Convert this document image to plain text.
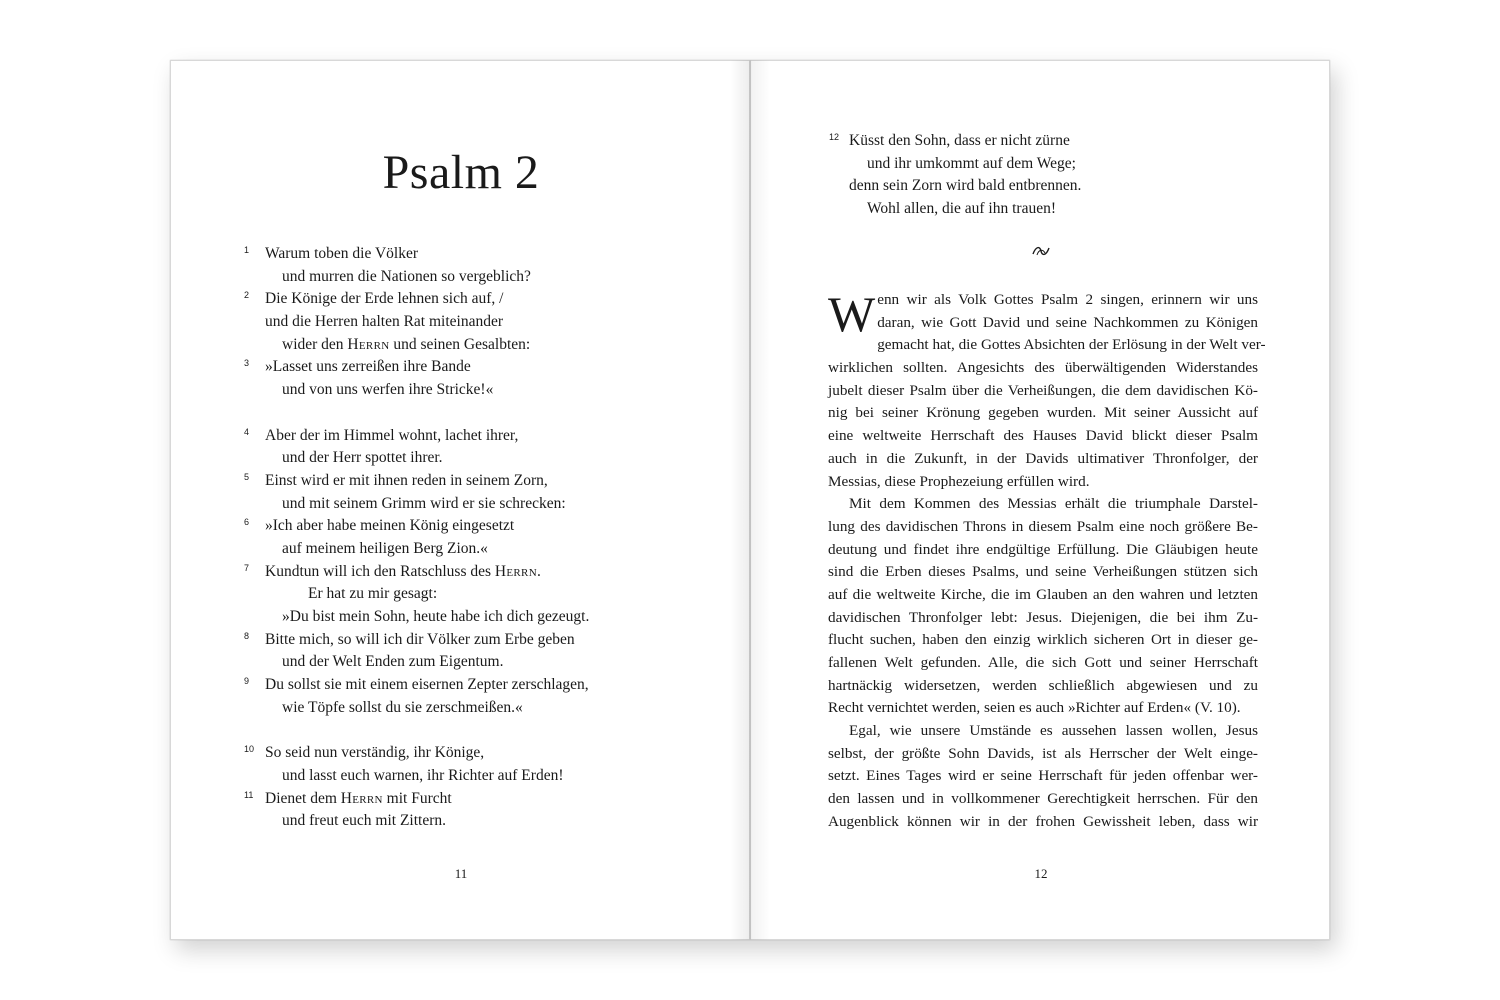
Psalm 2
1 Warum toben die Völker
und murren die Nationen so vergeblich?
2 Die Könige der Erde lehnen sich auf, /
und die Herren halten Rat miteinander
wider den Herrn und seinen Gesalbten:
3 »Lasset uns zerreißen ihre Bande
und von uns werfen ihre Stricke!«
4 Aber der im Himmel wohnt, lachet ihrer,
und der Herr spottet ihrer.
5 Einst wird er mit ihnen reden in seinem Zorn,
und mit seinem Grimm wird er sie schrecken:
6 »Ich aber habe meinen König eingesetzt
auf meinem heiligen Berg Zion.«
7 Kundtun will ich den Ratschluss des Herrn.
Er hat zu mir gesagt:
»Du bist mein Sohn, heute habe ich dich gezeugt.
8 Bitte mich, so will ich dir Völker zum Erbe geben
und der Welt Enden zum Eigentum.
9 Du sollst sie mit einem eisernen Zepter zerschlagen,
wie Töpfe sollst du sie zerschmeißen.«
10 So seid nun verständig, ihr Könige,
und lasst euch warnen, ihr Richter auf Erden!
11 Dienet dem Herrn mit Furcht
und freut euch mit Zittern.
11
12 Küsst den Sohn, dass er nicht zürne
und ihr umkommt auf dem Wege;
denn sein Zorn wird bald entbrennen.
Wohl allen, die auf ihn trauen!
W enn wir als Volk Gottes Psalm 2 singen, erinnern wir uns
daran, wie Gott David und seine Nachkommen zu Königen
gemacht hat, die Gottes Absichten der Erlösung in der Welt ver-
wirklichen sollten. Angesichts des überwältigenden Widerstandes
jubelt dieser Psalm über die Verheißungen, die dem davidischen Kö-
nig bei seiner Krönung gegeben wurden. Mit seiner Aussicht auf
eine weltweite Herrschaft des Hauses David blickt dieser Psalm
auch in die Zukunft, in der Davids ultimativer Thronfolger, der
Messias, diese Prophezeiung erfüllen wird.
Mit dem Kommen des Messias erhält die triumphale Darstel-
lung des davidischen Throns in diesem Psalm eine noch größere Be-
deutung und findet ihre endgültige Erfüllung. Die Gläubigen heute
sind die Erben dieses Psalms, und seine Verheißungen stützen sich
auf die weltweite Kirche, die im Glauben an den wahren und letzten
davidischen Thronfolger lebt: Jesus. Diejenigen, die bei ihm Zu-
flucht suchen, haben den einzig wirklich sicheren Ort in dieser ge-
fallenen Welt gefunden. Alle, die sich Gott und seiner Herrschaft
hartnäckig widersetzen, werden schließlich abgewiesen und zu
Recht vernichtet werden, seien es auch »Richter auf Erden« (V. 10).
Egal, wie unsere Umstände es aussehen lassen wollen, Jesus
selbst, der größte Sohn Davids, ist als Herrscher der Welt einge-
setzt. Eines Tages wird er seine Herrschaft für jeden offenbar wer-
den lassen und in vollkommener Gerechtigkeit herrschen. Für den
Augenblick können wir in der frohen Gewissheit leben, dass wir
12
